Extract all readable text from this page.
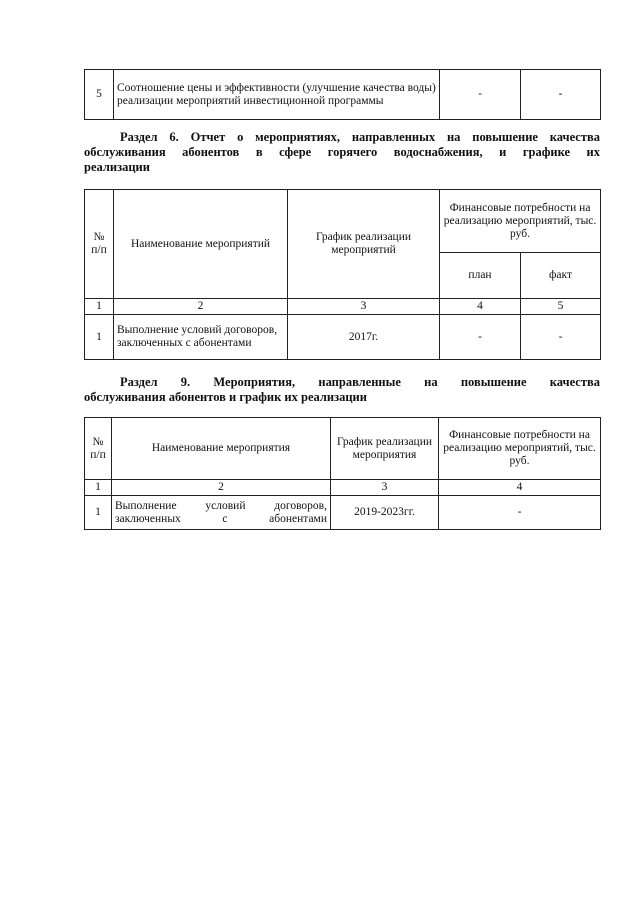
5	Соотношение цены и эффективности (улучшение качества воды) реализации мероприятий инвестиционной программы	-	-
Раздел 6. Отчет о мероприятиях, направленных на повышение качества
обслуживания абонентов в сфере горячего водоснабжения, и графике их
реализации
№ п/п	Наименование мероприятий	График реализации мероприятий	Финансовые потребности на реализацию мероприятий, тыс. руб.	
			план	факт
1	2	3	4	5
1	Выполнение условий договоров, заключенных с абонентами	2017г.	-	-
Раздел 9. Мероприятия, направленные на повышение качества
обслуживания абонентов и график их реализации
№ п/п	Наименование мероприятия	График реализации мероприятия	Финансовые потребности на реализацию мероприятий, тыс. руб.
1	2	3	4
1	Выполнение условий договоров, заключенных с абонентами	2019-2023гг.	-
